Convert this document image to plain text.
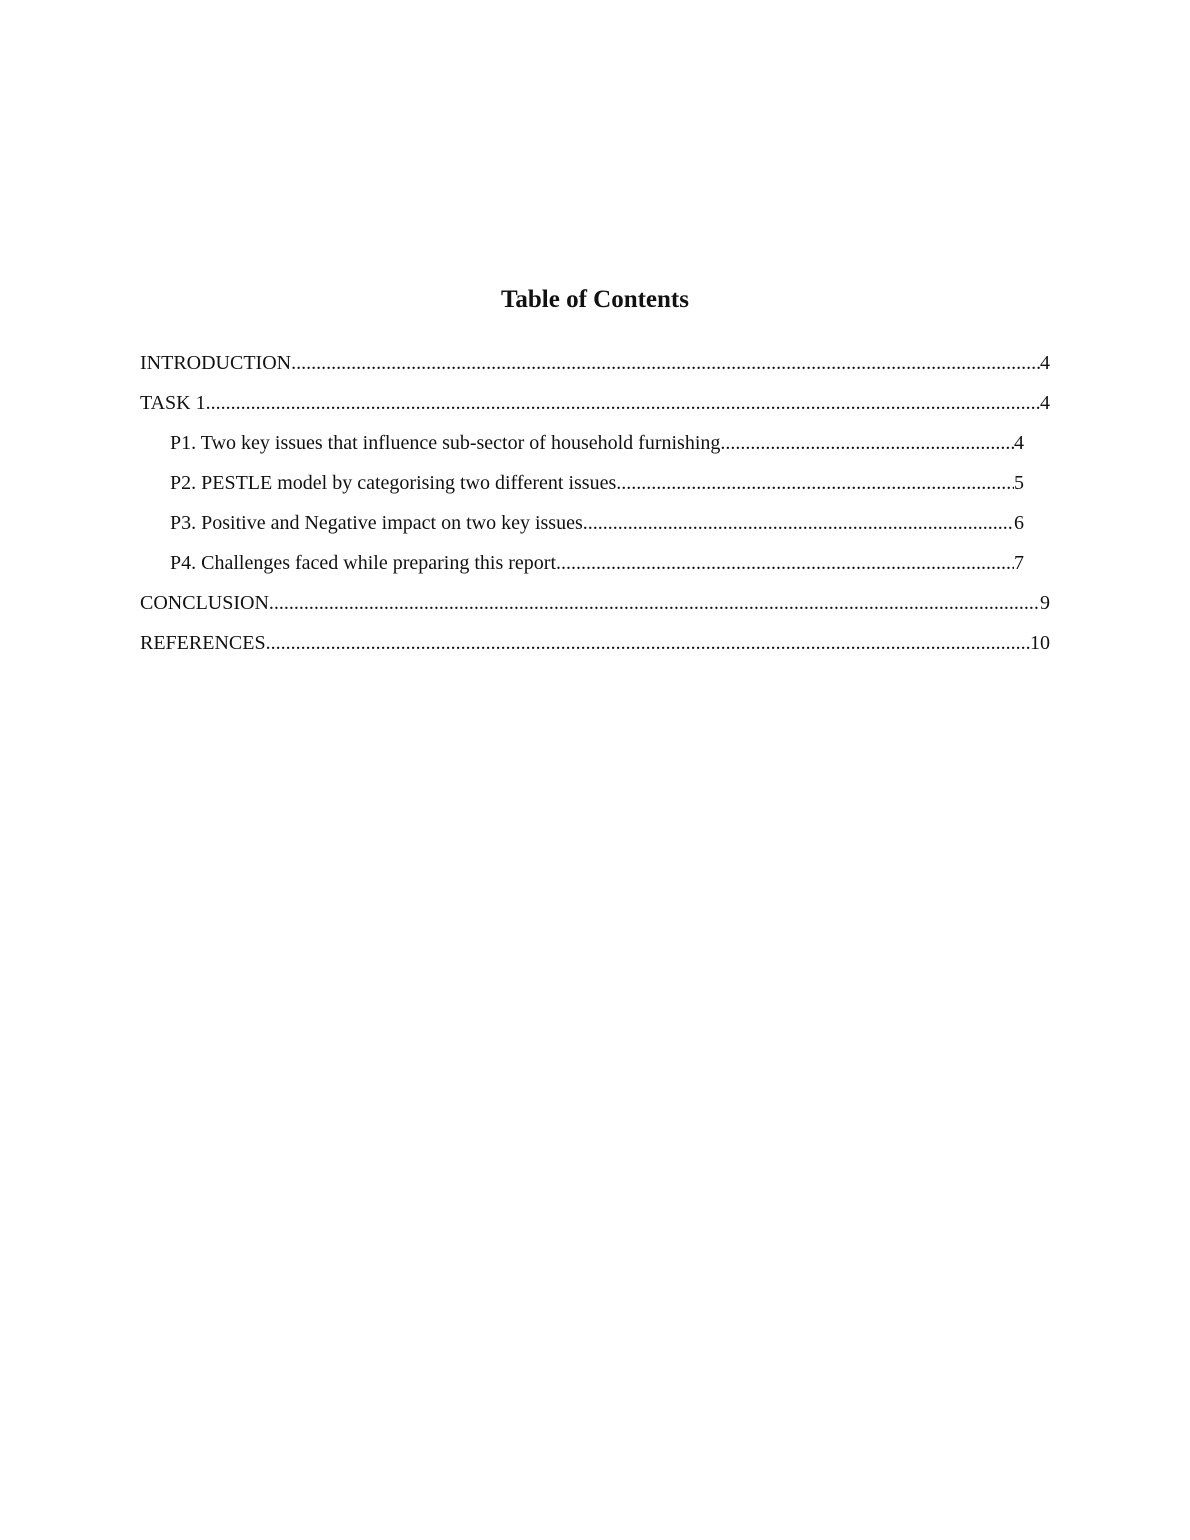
Table of Contents
INTRODUCTION .....	4
TASK 1 .....	4
P1. Two key issues that influence sub-sector of household furnishing .....	4
P2. PESTLE model by categorising two different issues .....	5
P3. Positive and Negative impact on two key issues .....	6
P4. Challenges faced while preparing this report .....	7
CONCLUSION .....	9
REFERENCES .....	10
